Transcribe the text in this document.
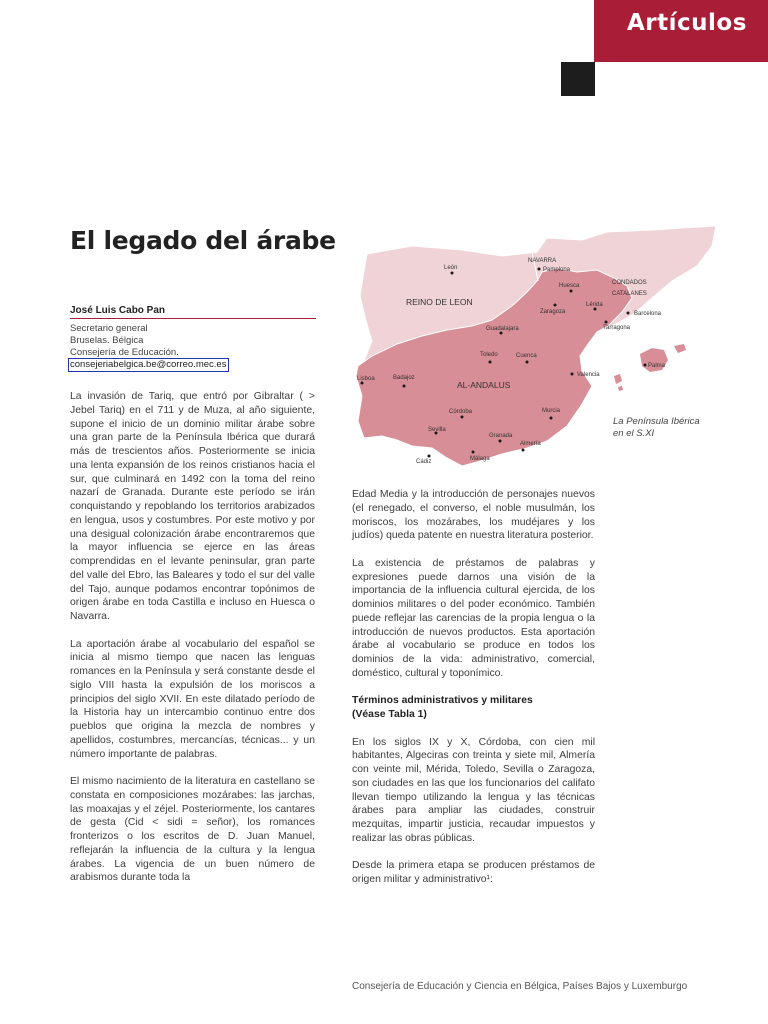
Artículos
El legado del árabe
José Luis Cabo Pan
Secretario general
Bruselas. Bélgica
Consejería de Educación.
consejeriabelgica.be@correo.mec.es

La invasión de Tariq, que entró por Gibraltar ( > Jebel Tariq) en el 711 y de Muza, al año siguiente, supone el inicio de un dominio militar árabe sobre una gran parte de la Península Ibérica que durará más de trescientos años. Posteriormente se inicia una lenta expansión de los reinos cristianos hacia el sur, que culminará en 1492 con la toma del reino nazarí de Granada. Durante este período se irán conquistando y repoblando los territorios arabizados en lengua, usos y costumbres. Por este motivo y por una desigual colonización árabe encontraremos que la mayor influencia se ejerce en las áreas comprendidas en el levante peninsular, gran parte del valle del Ebro, las Baleares y todo el sur del valle del Tajo, aunque podamos encontrar topónimos de origen árabe en toda Castilla e incluso en Huesca o Navarra.

La aportación árabe al vocabulario del español se inicia al mismo tiempo que nacen las lenguas romances en la Península y será constante desde el siglo VIII hasta la expulsión de los moriscos a principios del siglo XVII. En este dilatado período de la Historia hay un intercambio continuo entre dos pueblos que origina la mezcla de nombres y apellidos, costumbres, mercancías, técnicas... y un número importante de palabras.

El mismo nacimiento de la literatura en castellano se constata en composiciones mozárabes: las jarchas, las moaxajas y el zéjel. Posteriormente, los cantares de gesta (Cid < sidi = señor), los romances fronterizos o los escritos de D. Juan Manuel, reflejarán la influencia de la cultura y la lengua árabes. La vigencia de un buen número de arabismos durante toda la

REINO DE LEON
AL-ANDALUS
NAVARRA
CONDADOS CATALANES
León	Pamplona
Huesca
Lérida
Zaragoza	Barcelona
Tarragona
Guadalajara
Toledo	Cuenca
Valencia
Lisboa	Badajoz
Córdoba	Murcia
Sevilla
Granada
Almería
Cádiz	Málaga
Palma
La Península Ibérica
en el S.XI

Edad Media y la introducción de personajes nuevos (el renegado, el converso, el noble musulmán, los moriscos, los mozárabes, los mudéjares y los judíos) queda patente en nuestra literatura posterior.

La existencia de préstamos de palabras y expresiones puede darnos una visión de la importancia de la influencia cultural ejercida, de los dominios militares o del poder económico. También puede reflejar las carencias de la propia lengua o la introducción de nuevos productos. Esta aportación árabe al vocabulario se produce en todos los dominios de la vida: administrativo, comercial, doméstico, cultural y toponímico.

Términos administrativos y militares
(Véase Tabla 1)

En los siglos IX y X, Córdoba, con cien mil habitantes, Algeciras con treinta y siete mil, Almería con veinte mil, Mérida, Toledo, Sevilla o Zaragoza, son ciudades en las que los funcionarios del califato llevan tiempo utilizando la lengua y las técnicas árabes para ampliar las ciudades, construir mezquitas, impartir justicia, recaudar impuestos y realizar las obras públicas.

Desde la primera etapa se producen préstamos de origen militar y administrativo¹:

Consejería de Educación y Ciencia en Bélgica, Países Bajos y Luxemburgo
